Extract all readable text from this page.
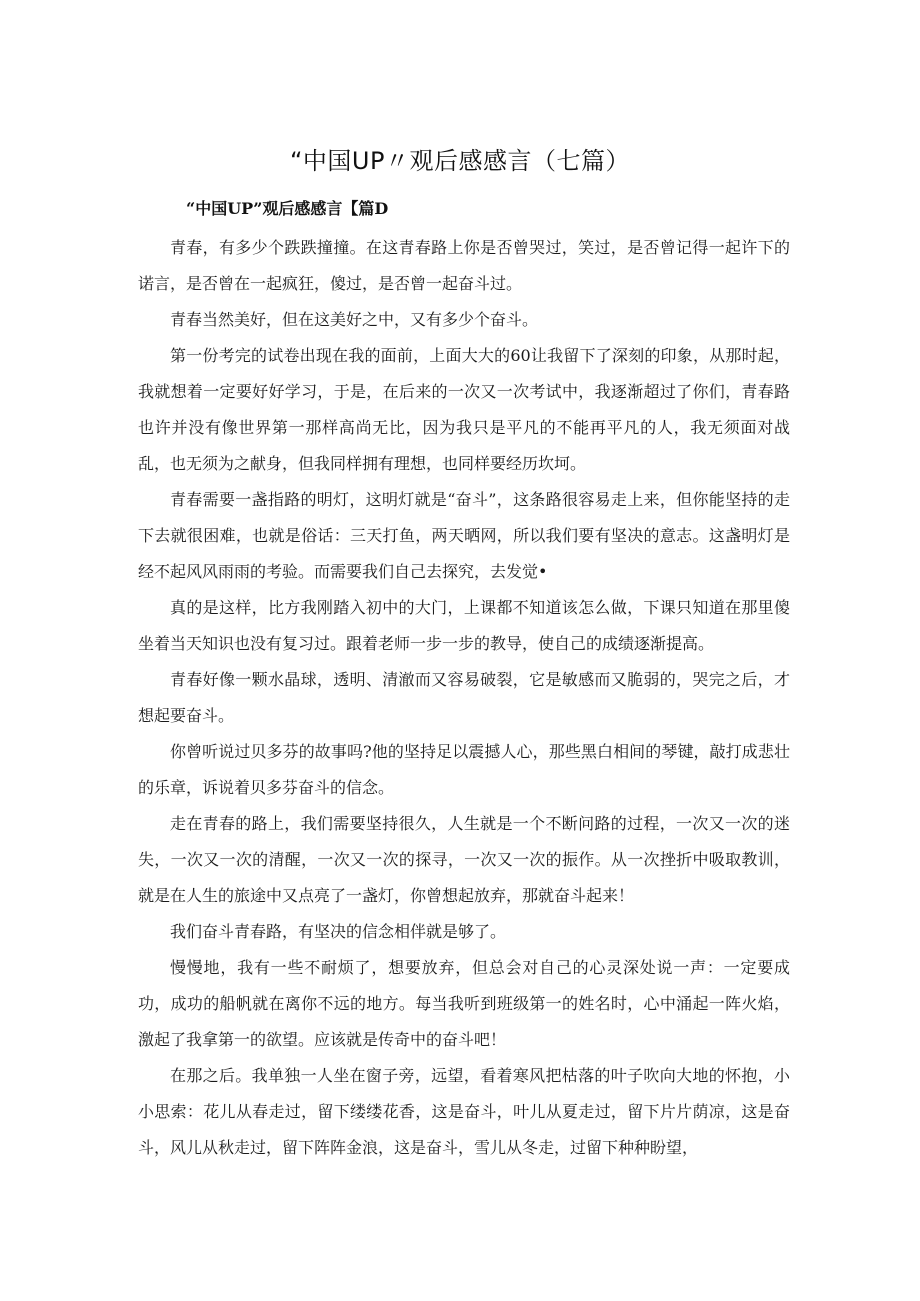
“中国UP〃观后感感言（七篇）
“中国UP”观后感感言【篇D

青春，有多少个跌跌撞撞。在这青春路上你是否曾哭过，笑过，是否曾记得一起许下的诺言，是否曾在一起疯狂，傻过，是否曾一起奋斗过。

青春当然美好，但在这美好之中，又有多少个奋斗。

第一份考完的试卷出现在我的面前，上面大大的60让我留下了深刻的印象，从那时起，我就想着一定要好好学习，于是，在后来的一次又一次考试中，我逐渐超过了你们，青春路也许并没有像世界第一那样高尚无比，因为我只是平凡的不能再平凡的人，我无须面对战乱，也无须为之献身，但我同样拥有理想，也同样要经历坎坷。

青春需要一盏指路的明灯，这明灯就是“奋斗”，这条路很容易走上来，但你能坚持的走下去就很困难，也就是俗话：三天打鱼，两天晒网，所以我们要有坚决的意志。这盏明灯是经不起风风雨雨的考验。而需要我们自己去探究，去发觉•

真的是这样，比方我刚踏入初中的大门，上课都不知道该怎么做，下课只知道在那里傻坐着当天知识也没有复习过。跟着老师一步一步的教导，使自己的成绩逐渐提高。

青春好像一颗水晶球，透明、清澈而又容易破裂，它是敏感而又脆弱的，哭完之后，才想起要奋斗。

你曾听说过贝多芬的故事吗?他的坚持足以震撼人心，那些黑白相间的琴键，敲打成悲壮的乐章，诉说着贝多芬奋斗的信念。

走在青春的路上，我们需要坚持很久，人生就是一个不断问路的过程，一次又一次的迷失，一次又一次的清醒，一次又一次的探寻，一次又一次的振作。从一次挫折中吸取教训，就是在人生的旅途中又点亮了一盏灯，你曾想起放弃，那就奋斗起来！

我们奋斗青春路，有坚决的信念相伴就是够了。

慢慢地，我有一些不耐烦了，想要放弃，但总会对自己的心灵深处说一声：一定要成功，成功的船帆就在离你不远的地方。每当我听到班级第一的姓名时，心中涌起一阵火焰，激起了我拿第一的欲望。应该就是传奇中的奋斗吧！

在那之后。我单独一人坐在窗子旁，远望，看着寒风把枯落的叶子吹向大地的怀抱，小小思索：花儿从春走过，留下缕缕花香，这是奋斗，叶儿从夏走过，留下片片荫凉，这是奋斗，风儿从秋走过，留下阵阵金浪，这是奋斗，雪儿从冬走，过留下种种盼望，
